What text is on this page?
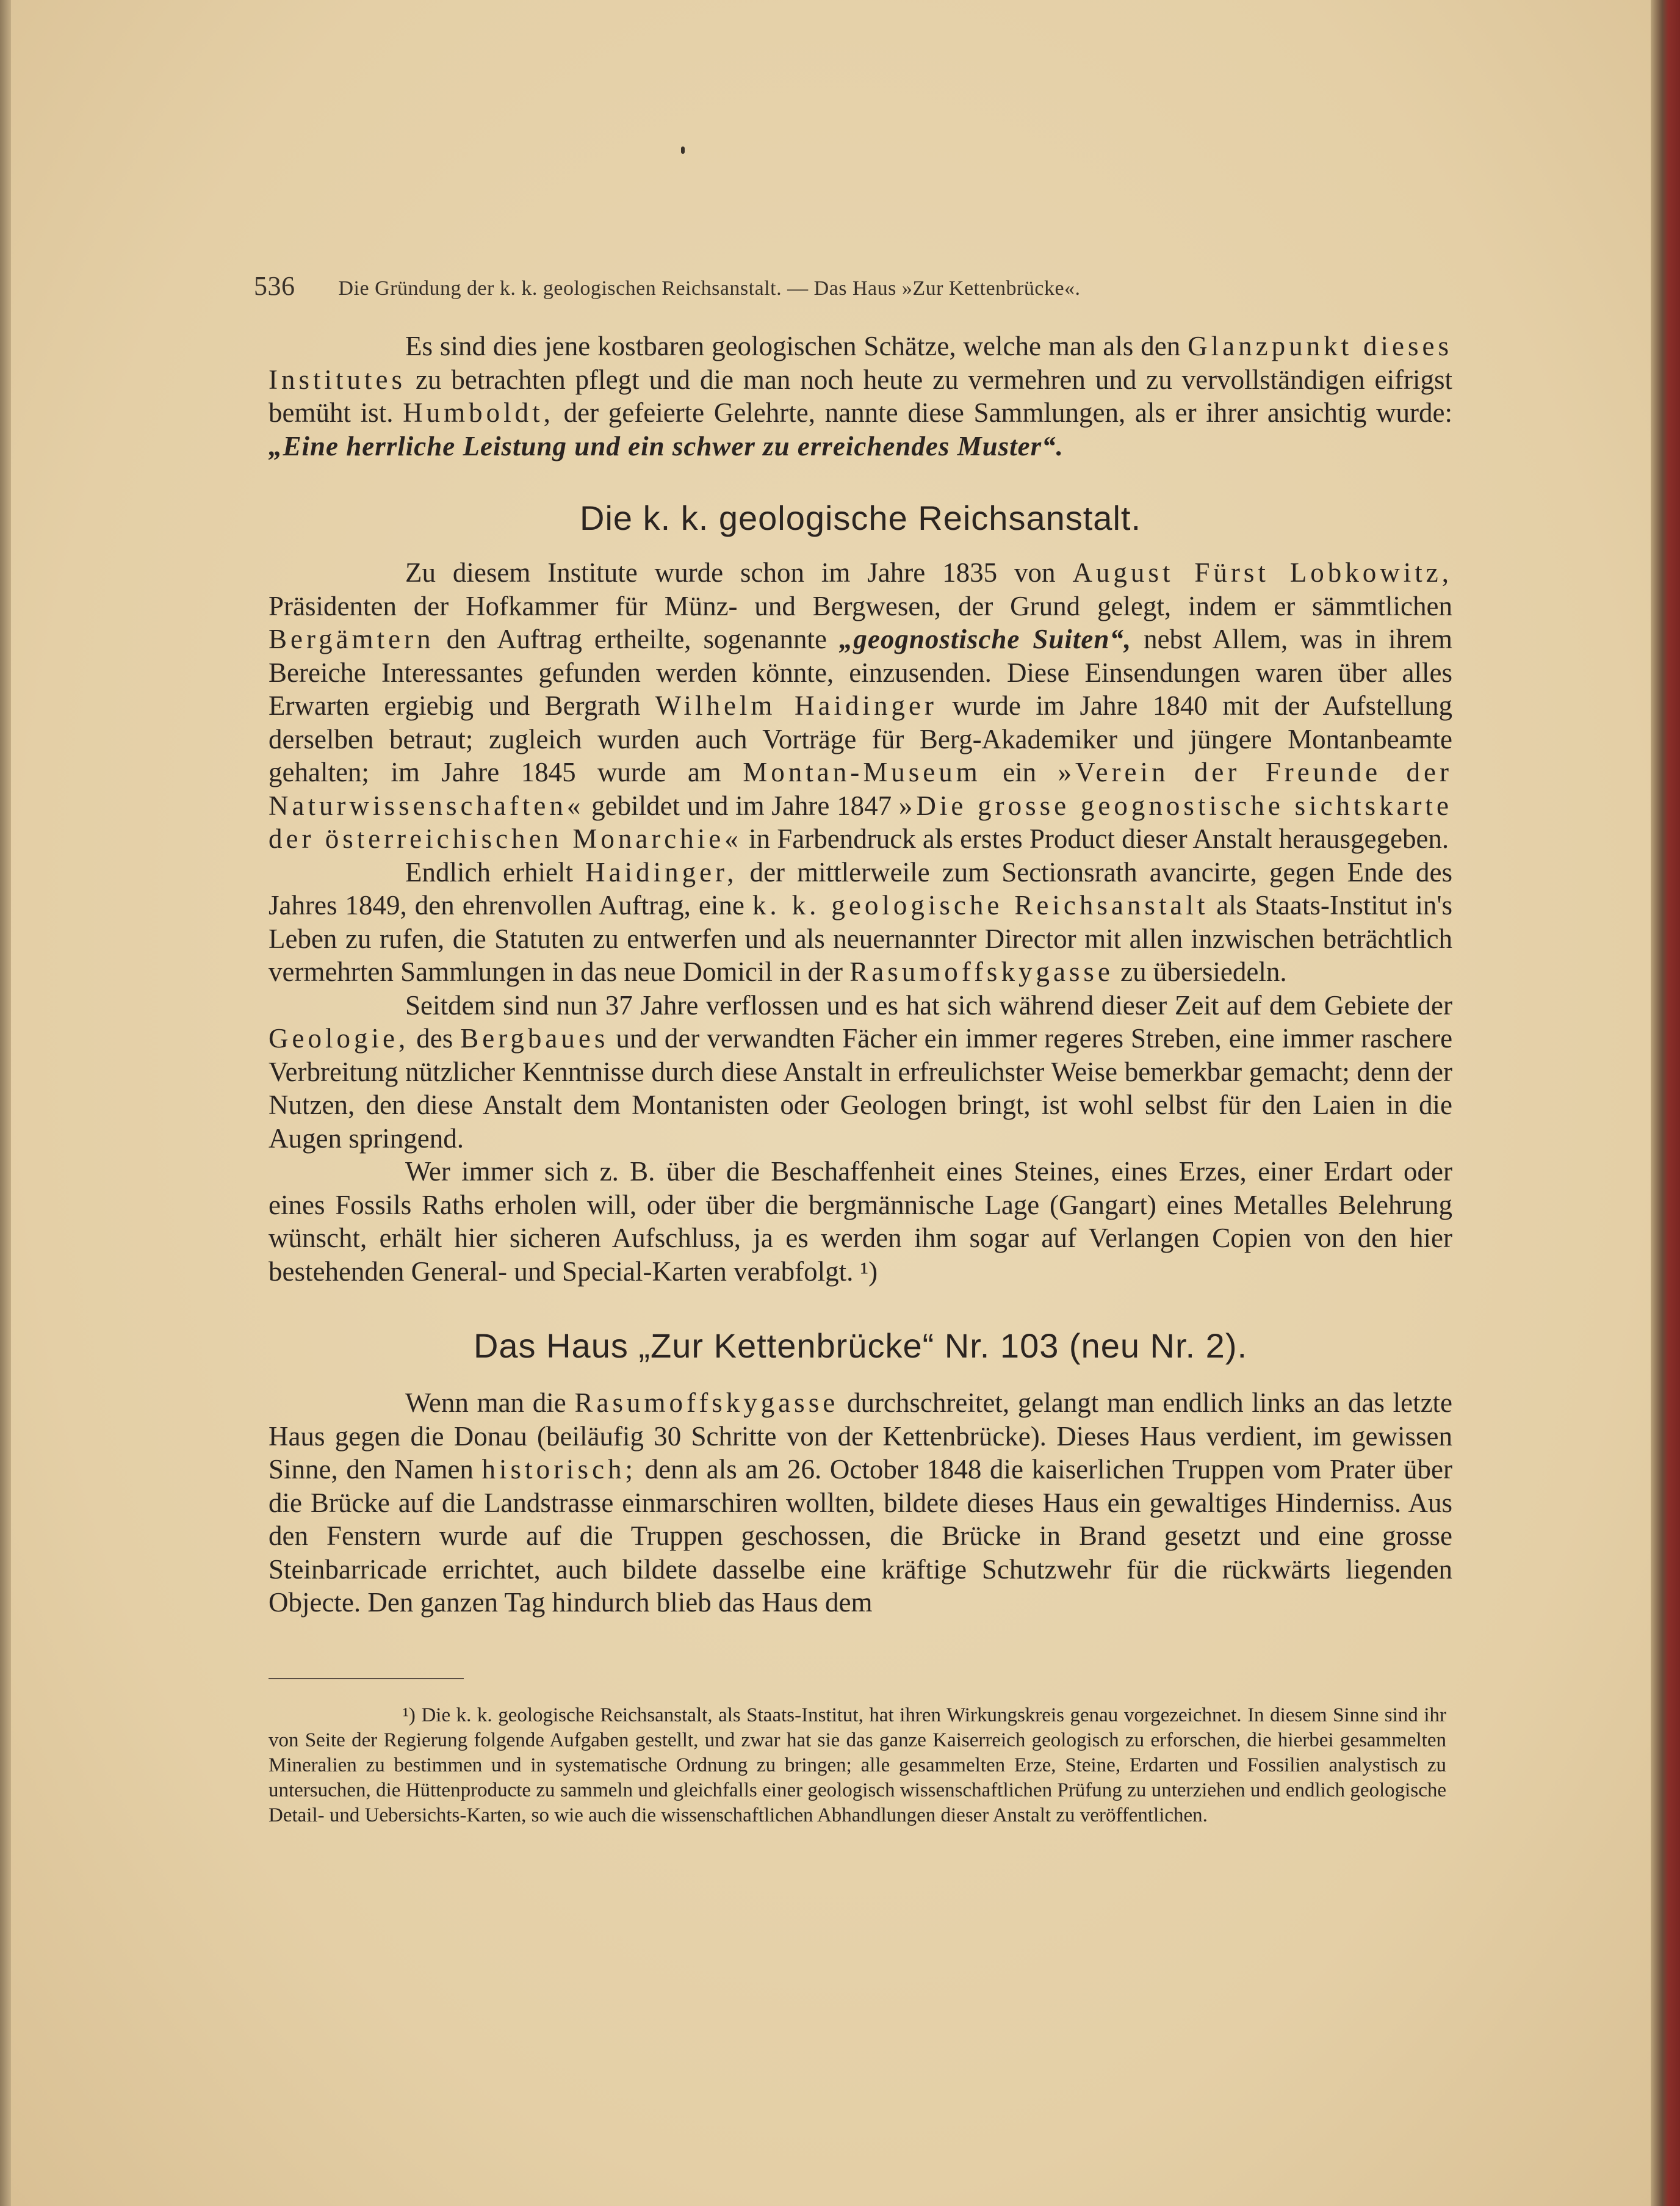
536 Die Gründung der k. k. geologischen Reichsanstalt. — Das Haus »Zur Kettenbrücke«.

Es sind dies jene kostbaren geologischen Schätze, welche man als den Glanzpunkt dieses Institutes zu betrachten pflegt und die man noch heute zu vermehren und zu vervollständigen eifrigst bemüht ist. Humboldt, der gefeierte Gelehrte, nannte diese Sammlungen, als er ihrer ansichtig wurde: „Eine herrliche Leistung und ein schwer zu erreichendes Muster“.

Die k. k. geologische Reichsanstalt.

Zu diesem Institute wurde schon im Jahre 1835 von August Fürst Lobkowitz, Präsidenten der Hofkammer für Münz- und Bergwesen, der Grund gelegt, indem er sämmtlichen Bergämtern den Auftrag ertheilte, sogenannte „geognostische Suiten“, nebst Allem, was in ihrem Bereiche Interessantes gefunden werden könnte, einzusenden. Diese Einsendungen waren über alles Erwarten ergiebig und Bergrath Wilhelm Haidinger wurde im Jahre 1840 mit der Aufstellung derselben betraut; zugleich wurden auch Vorträge für Berg-Akademiker und jüngere Montanbeamte gehalten; im Jahre 1845 wurde am Montan-Museum ein »Verein der Freunde der Naturwissenschaften« gebildet und im Jahre 1847 »Die grosse geognostische sichtskarte der österreichischen Monarchie« in Farbendruck als erstes Product dieser Anstalt herausgegeben.

Endlich erhielt Haidinger, der mittlerweile zum Sectionsrath avancirte, gegen Ende des Jahres 1849, den ehrenvollen Auftrag, eine k. k. geologische Reichsanstalt als Staats-Institut in's Leben zu rufen, die Statuten zu entwerfen und als neuernannter Director mit allen inzwischen beträchtlich vermehrten Sammlungen in das neue Domicil in der Rasumoffskygasse zu übersiedeln.

Seitdem sind nun 37 Jahre verflossen und es hat sich während dieser Zeit auf dem Gebiete der Geologie, des Bergbaues und der verwandten Fächer ein immer regeres Streben, eine immer raschere Verbreitung nützlicher Kenntnisse durch diese Anstalt in erfreulichster Weise bemerkbar gemacht; denn der Nutzen, den diese Anstalt dem Montanisten oder Geologen bringt, ist wohl selbst für den Laien in die Augen springend.

Wer immer sich z. B. über die Beschaffenheit eines Steines, eines Erzes, einer Erdart oder eines Fossils Raths erholen will, oder über die bergmännische Lage (Gangart) eines Metalles Belehrung wünscht, erhält hier sicheren Aufschluss, ja es werden ihm sogar auf Verlangen Copien von den hier bestehenden General- und Special-Karten verabfolgt. ¹)

Das Haus „Zur Kettenbrücke“ Nr. 103 (neu Nr. 2).

Wenn man die Rasumoffskygasse durchschreitet, gelangt man endlich links an das letzte Haus gegen die Donau (beiläufig 30 Schritte von der Kettenbrücke). Dieses Haus verdient, im gewissen Sinne, den Namen historisch; denn als am 26. October 1848 die kaiserlichen Truppen vom Prater über die Brücke auf die Landstrasse einmarschiren wollten, bildete dieses Haus ein gewaltiges Hinderniss. Aus den Fenstern wurde auf die Truppen geschossen, die Brücke in Brand gesetzt und eine grosse Steinbarricade errichtet, auch bildete dasselbe eine kräftige Schutzwehr für die rückwärts liegenden Objecte. Den ganzen Tag hindurch blieb das Haus dem

¹) Die k. k. geologische Reichsanstalt, als Staats-Institut, hat ihren Wirkungskreis genau vorgezeichnet. In diesem Sinne sind ihr von Seite der Regierung folgende Aufgaben gestellt, und zwar hat sie das ganze Kaiserreich geologisch zu erforschen, die hierbei gesammelten Mineralien zu bestimmen und in systematische Ordnung zu bringen; alle gesammelten Erze, Steine, Erdarten und Fossilien analystisch zu untersuchen, die Hüttenproducte zu sammeln und gleichfalls einer geologisch wissenschaftlichen Prüfung zu unterziehen und endlich geologische Detail- und Uebersichts-Karten, so wie auch die wissenschaftlichen Abhandlungen dieser Anstalt zu veröffentlichen.
